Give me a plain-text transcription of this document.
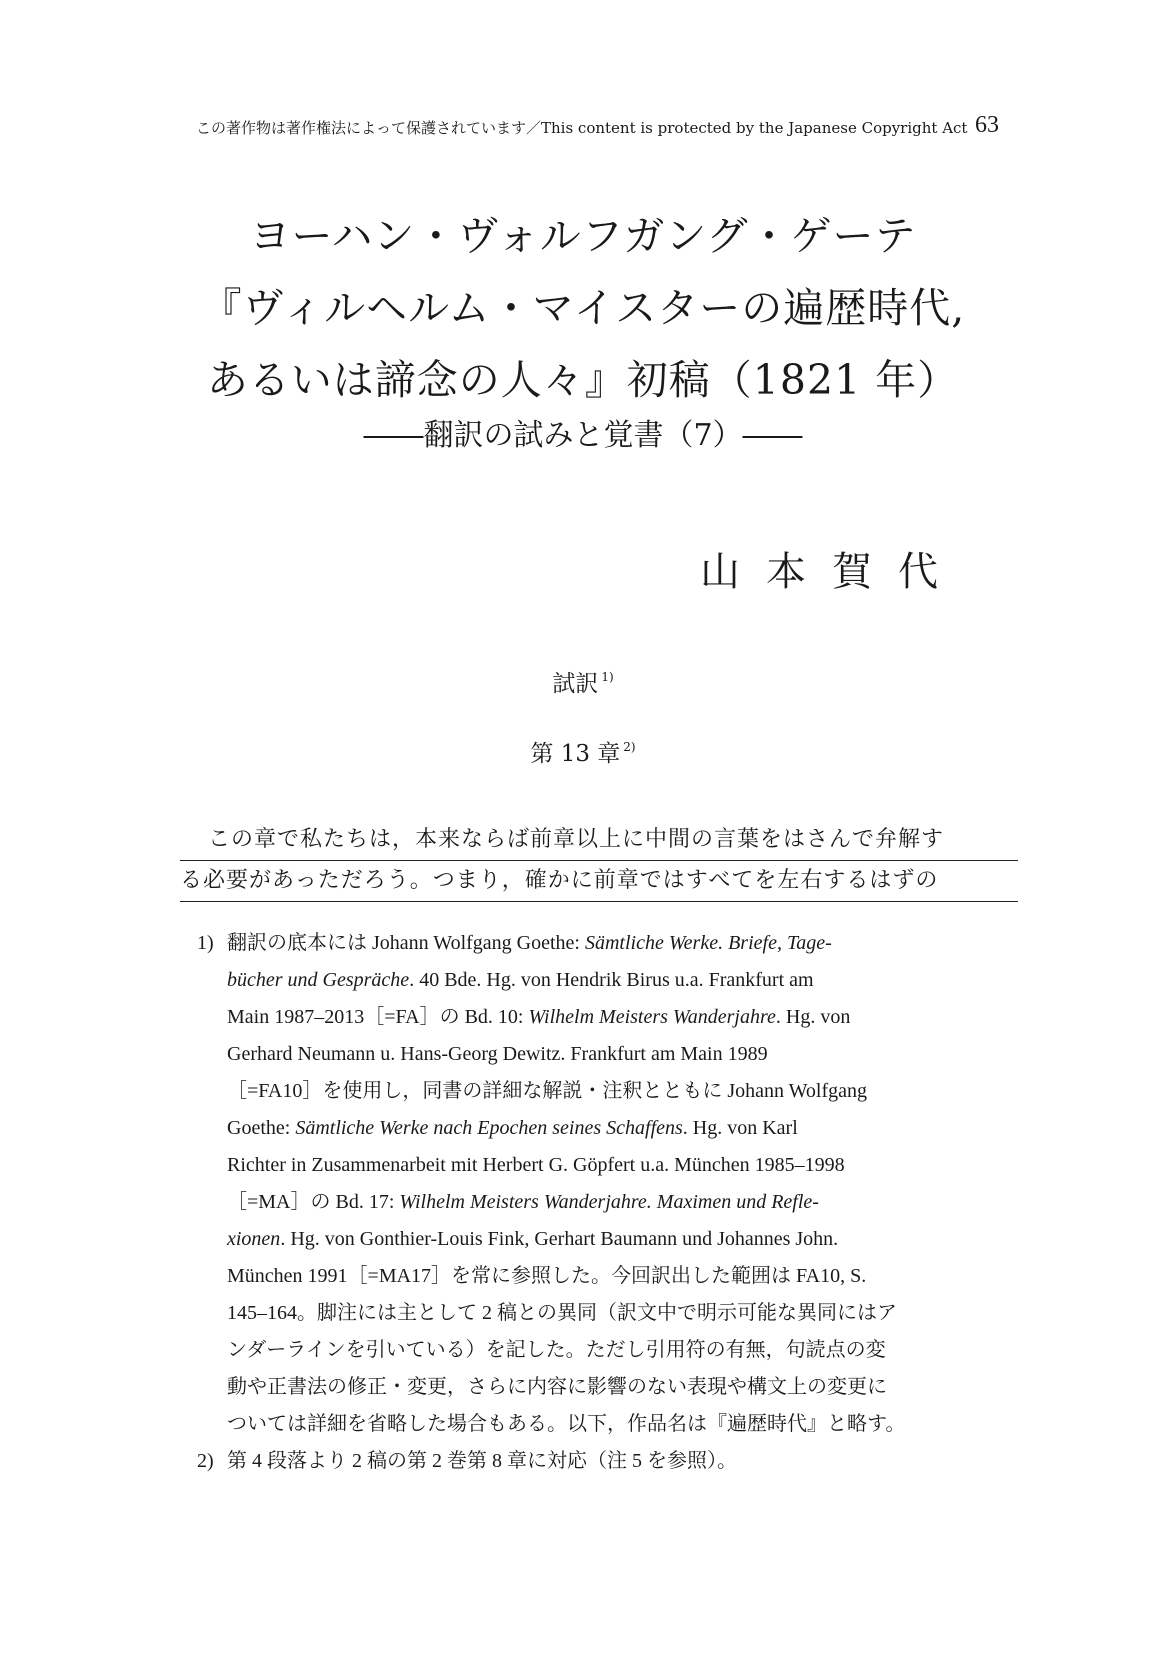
この著作物は著作権法によって保護されています／This content is protected by the Japanese Copyright Act 63
ヨーハン・ヴォルフガング・ゲーテ
『ヴィルヘルム・マイスターの遍歴時代,
あるいは諦念の人々』初稿（1821 年）
――翻訳の試みと覚書（7）――
山本賀代
試訳 $^{1)}$
第 13 章 $^{2)}$
この章で私たちは，本来ならば前章以上に中間の言葉をはさんで弁解す
る必要があっただろう。つまり，確かに前章ではすべてを左右するはずの
1) 翻訳の底本には Johann Wolfgang Goethe: Sämtliche Werke. Briefe, Tage-
bücher und Gespräche. 40 Bde. Hg. von Hendrik Birus u.a. Frankfurt am
Main 1987–2013［=FA］の Bd. 10: Wilhelm Meisters Wanderjahre. Hg. von
Gerhard Neumann u. Hans-Georg Dewitz. Frankfurt am Main 1989
［=FA10］を使用し，同書の詳細な解説・注釈とともに Johann Wolfgang
Goethe: Sämtliche Werke nach Epochen seines Schaffens. Hg. von Karl
Richter in Zusammenarbeit mit Herbert G. Göpfert u.a. München 1985–1998
［=MA］の Bd. 17: Wilhelm Meisters Wanderjahre. Maximen und Refle-
xionen. Hg. von Gonthier-Louis Fink, Gerhart Baumann und Johannes John.
München 1991［=MA17］を常に参照した。今回訳出した範囲は FA10, S.
145–164。脚注には主として 2 稿との異同（訳文中で明示可能な異同にはア
ンダーラインを引いている）を記した。ただし引用符の有無，句読点の変
動や正書法の修正・変更，さらに内容に影響のない表現や構文上の変更に
ついては詳細を省略した場合もある。以下，作品名は『遍歴時代』と略す。
2) 第 4 段落より 2 稿の第 2 巻第 8 章に対応（注 5 を参照）。
